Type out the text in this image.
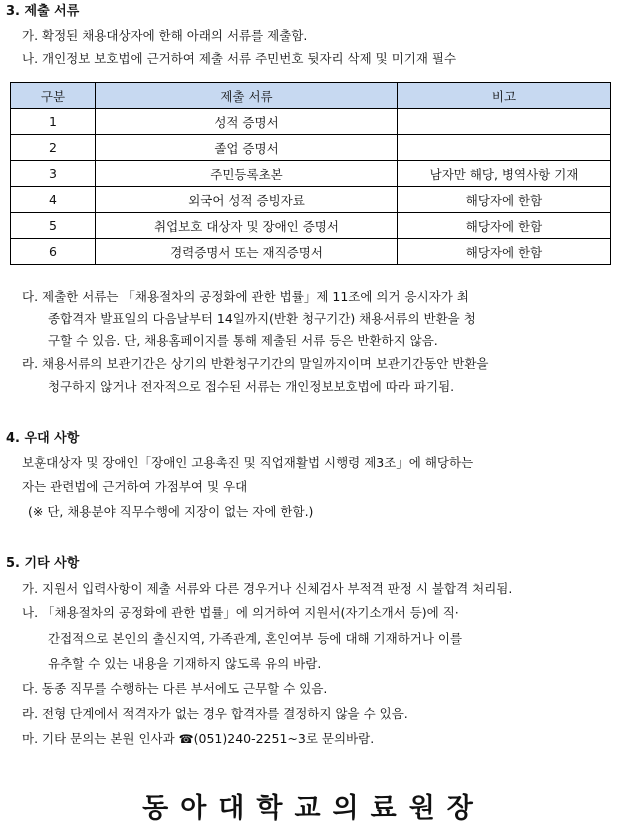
3. 제출 서류
가. 확정된 채용대상자에 한해 아래의 서류를 제출함.
나. 개인정보 보호법에 근거하여 제출 서류 주민번호 뒷자리 삭제 및 미기재 필수
구분	제출 서류	비고
1	성적 증명서	
2	졸업 증명서	
3	주민등록초본	남자만 해당, 병역사항 기재
4	외국어 성적 증빙자료	해당자에 한함
5	취업보호 대상자 및 장애인 증명서	해당자에 한함
6	경력증명서 또는 재직증명서	해당자에 한함
다. 제출한 서류는 「채용절차의 공정화에 관한 법률」제 11조에 의거 응시자가 최
종합격자 발표일의 다음날부터 14일까지(반환 청구기간) 채용서류의 반환을 청
구할 수 있음. 단, 채용홈페이지를 통해 제출된 서류 등은 반환하지 않음.
라. 채용서류의 보관기간은 상기의 반환청구기간의 말일까지이며 보관기간동안 반환을
청구하지 않거나 전자적으로 접수된 서류는 개인정보보호법에 따라 파기됨.
4. 우대 사항
보훈대상자 및 장애인「장애인 고용촉진 및 직업재활법 시행령 제3조」에 해당하는
자는 관련법에 근거하여 가점부여 및 우대
(※ 단, 채용분야 직무수행에 지장이 없는 자에 한함.)
5. 기타 사항
가. 지원서 입력사항이 제출 서류와 다른 경우거나 신체검사 부적격 판정 시 불합격 처리됨.
나. 「채용절차의 공정화에 관한 법률」에 의거하여 지원서(자기소개서 등)에 직·
간접적으로 본인의 출신지역, 가족관계, 혼인여부 등에 대해 기재하거나 이를
유추할 수 있는 내용을 기재하지 않도록 유의 바람.
다. 동종 직무를 수행하는 다른 부서에도 근무할 수 있음.
라. 전형 단계에서 적격자가 없는 경우 합격자를 결정하지 않을 수 있음.
마. 기타 문의는 본원 인사과 ☎(051)240-2251~3로 문의바람.
동아대학교의료원장
